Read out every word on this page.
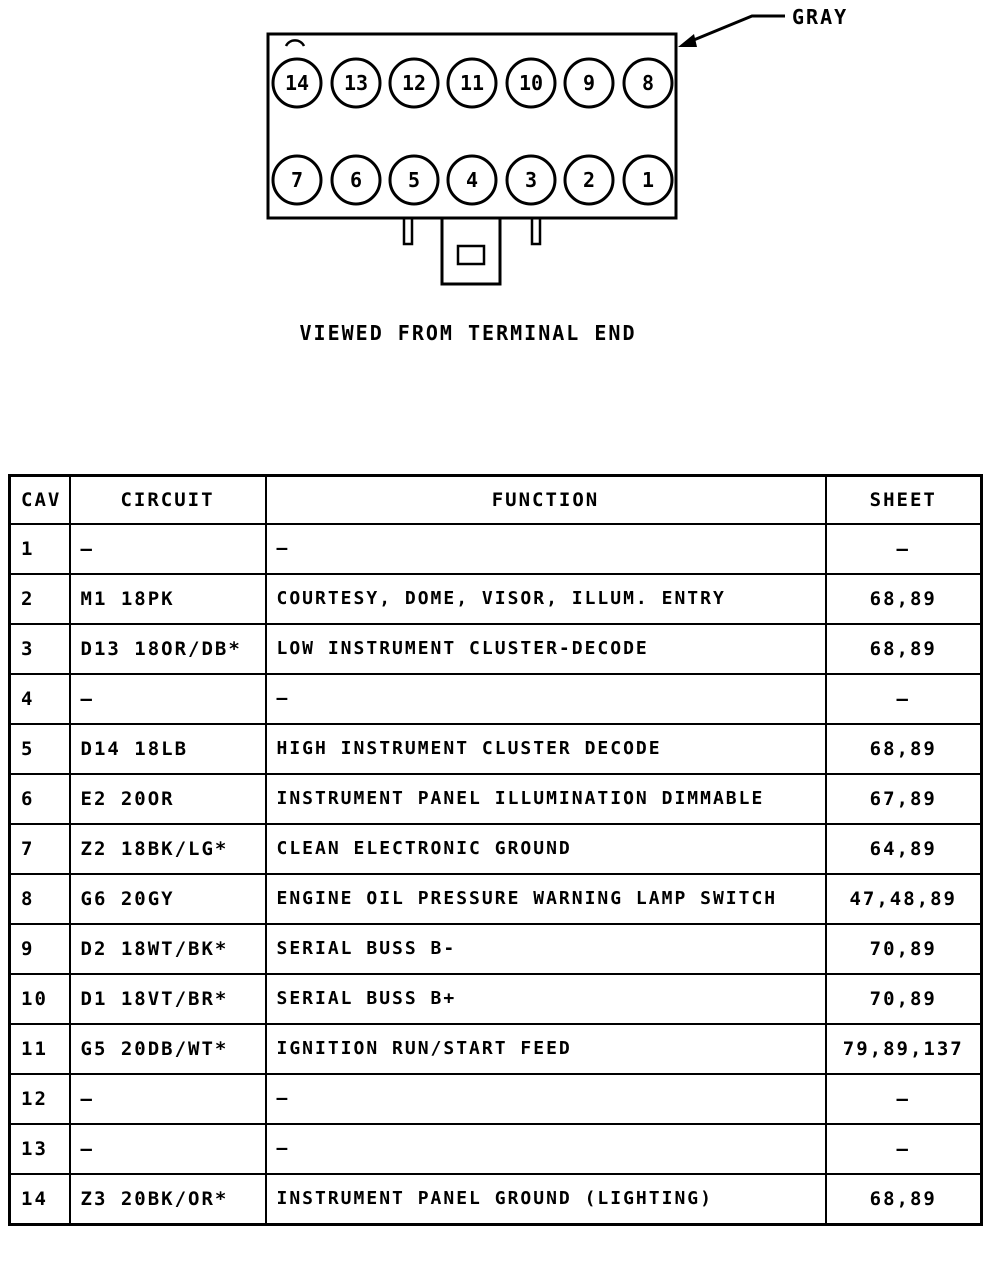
GRAY
14 13 12 11 10 9 8
7 6 5 4 3 2 1
VIEWED FROM TERMINAL END
CAV	CIRCUIT	FUNCTION	SHEET
1	—	—	—
2	M1 18PK	COURTESY, DOME, VISOR, ILLUM. ENTRY	68,89
3	D13 18OR/DB*	LOW INSTRUMENT CLUSTER-DECODE	68,89
4	—	—	—
5	D14 18LB	HIGH INSTRUMENT CLUSTER DECODE	68,89
6	E2 20OR	INSTRUMENT PANEL ILLUMINATION DIMMABLE	67,89
7	Z2 18BK/LG*	CLEAN ELECTRONIC GROUND	64,89
8	G6 20GY	ENGINE OIL PRESSURE WARNING LAMP SWITCH	47,48,89
9	D2 18WT/BK*	SERIAL BUSS B-	70,89
10	D1 18VT/BR*	SERIAL BUSS B+	70,89
11	G5 20DB/WT*	IGNITION RUN/START FEED	79,89,137
12	—	—	—
13	—	—	—
14	Z3 20BK/OR*	INSTRUMENT PANEL GROUND (LIGHTING)	68,89
